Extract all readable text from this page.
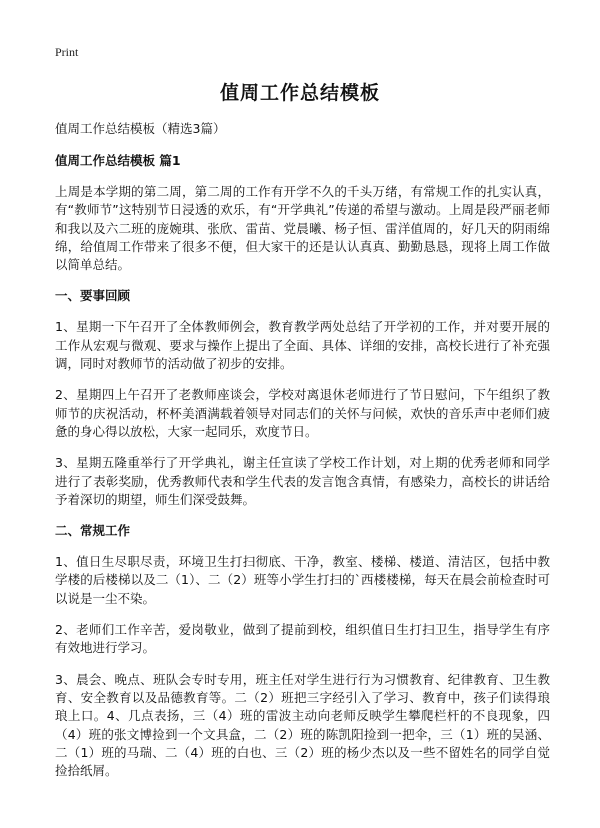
Print
值周工作总结模板
值周工作总结模板（精选3篇）
值周工作总结模板 篇1

上周是本学期的第二周，第二周的工作有开学不久的千头万绪，有常规工作的扎实认真，有“教师节”这特别节日浸透的欢乐，有“开学典礼”传递的希望与激动。上周是段严丽老师和我以及六二班的庞婉琪、张欣、雷苗、党晨曦、杨子恒、雷洋值周的，好几天的阴雨绵绵，给值周工作带来了很多不便，但大家干的还是认认真真、勤勤恳恳，现将上周工作做以简单总结。

一、要事回顾

1、星期一下午召开了全体教师例会，教育教学两处总结了开学初的工作，并对要开展的工作从宏观与微观、要求与操作上提出了全面、具体、详细的安排，高校长进行了补充强调，同时对教师节的活动做了初步的安排。

2、星期四上午召开了老教师座谈会，学校对离退休老师进行了节日慰问，下午组织了教师节的庆祝活动，杯杯美酒满载着领导对同志们的关怀与问候，欢快的音乐声中老师们疲惫的身心得以放松，大家一起同乐，欢度节日。

3、星期五隆重举行了开学典礼，谢主任宣读了学校工作计划，对上期的优秀老师和同学进行了表彰奖励，优秀教师代表和学生代表的发言饱含真情，有感染力，高校长的讲话给予着深切的期望，师生们深受鼓舞。

二、常规工作

1、值日生尽职尽责，环境卫生打扫彻底、干净，教室、楼梯、楼道、清洁区，包括中教学楼的后楼梯以及二（1）、二（2）班等小学生打扫的`西楼楼梯，每天在晨会前检查时可以说是一尘不染。

2、老师们工作辛苦，爱岗敬业，做到了提前到校，组织值日生打扫卫生，指导学生有序有效地进行学习。

3、晨会、晚点、班队会专时专用，班主任对学生进行行为习惯教育、纪律教育、卫生教育、安全教育以及品德教育等。二（2）班把三字经引入了学习、教育中，孩子们读得琅琅上口。4、几点表扬，三（4）班的雷波主动向老师反映学生攀爬栏杆的不良现象，四（4）班的张文博捡到一个文具盒，二（2）班的陈凯阳捡到一把伞，三（1）班的吴涵、二（1）班的马瑞、二（4）班的白也、三（2）班的杨少杰以及一些不留姓名的同学自觉捡拾纸屑。
